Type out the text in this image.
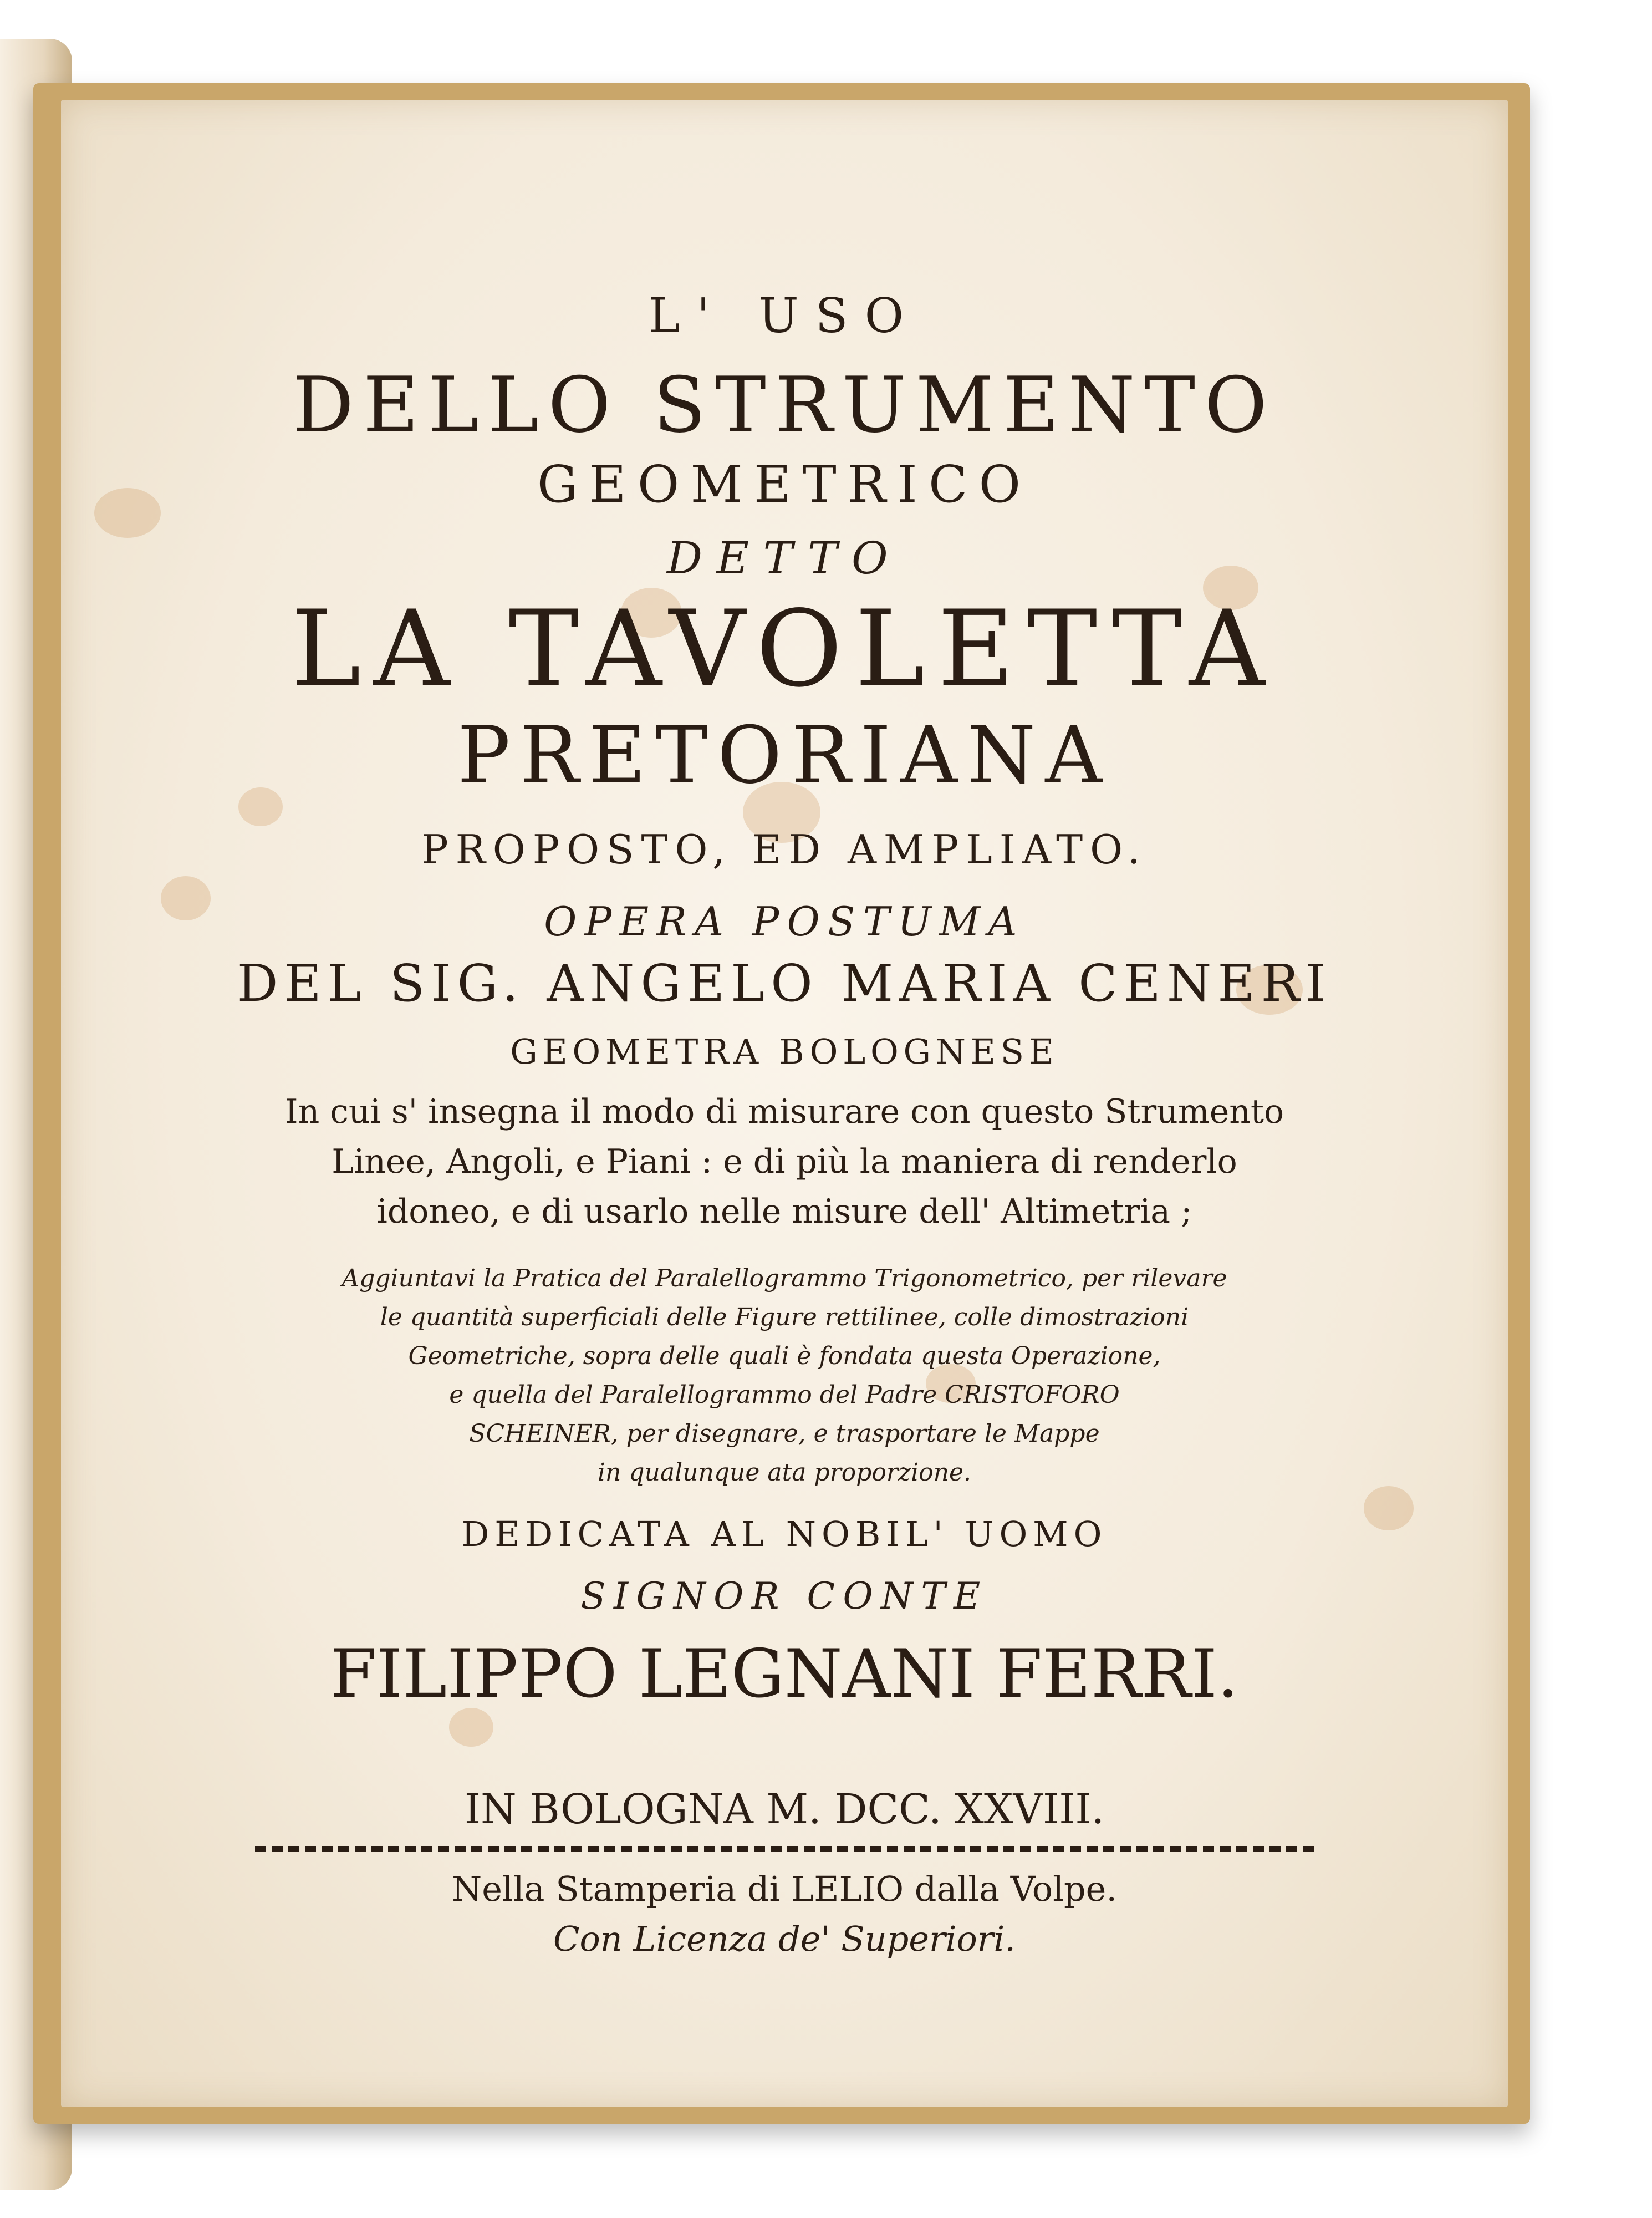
L' USO
DELLO STRUMENTO
GEOMETRICO
DETTO
LA TAVOLETTA
PRETORIANA
PROPOSTO, ED AMPLIATO.
OPERA POSTUMA
DEL SIG. ANGELO MARIA CENERI
GEOMETRA BOLOGNESE
In cui s' insegna il modo di misurare con questo Strumento
Linee, Angoli, e Piani : e di più la maniera di renderlo
idoneo, e di usarlo nelle misure dell' Altimetria ;
Aggiuntavi la Pratica del Paralellogrammo Trigonometrico, per rilevare
le quantità superficiali delle Figure rettilinee, colle dimostrazioni
Geometriche, sopra delle quali è fondata questa Operazione,
e quella del Paralellogrammo del Padre CRISTOFORO
SCHEINER, per disegnare, e trasportare le Mappe
in qualunque ata proporzione.
DEDICATA AL NOBIL' UOMO
SIGNOR CONTE
FILIPPO LEGNANI FERRI.
IN BOLOGNA M. DCC. XXVIII.
Nella Stamperia di LELIO dalla Volpe.
Con Licenza de' Superiori.
